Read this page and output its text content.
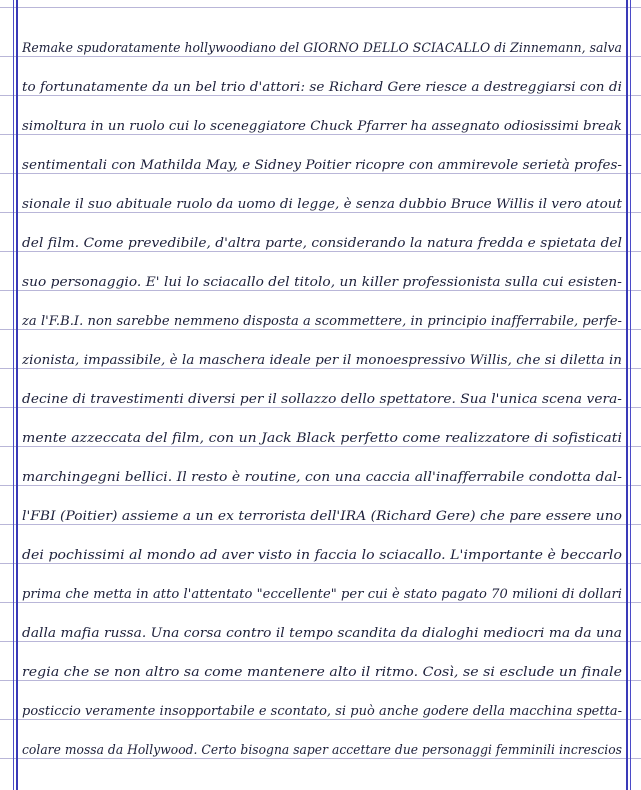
Remake spudoratamente hollywoodiano del GIORNO DELLO SCIACALLO di Zinnemann, salva
to fortunatamente da un bel trio d'attori: se Richard Gere riesce a destreggiarsi con di
simoltura in un ruolo cui lo sceneggiatore Chuck Pfarrer ha assegnato odiosissimi break
sentimentali con Mathilda May, e Sidney Poitier ricopre con ammirevole serietà profes-
sionale il suo abituale ruolo da uomo di legge, è senza dubbio Bruce Willis il vero atout
del film. Come prevedibile, d'altra parte, considerando la natura fredda e spietata del
suo personaggio. E' lui lo sciacallo del titolo, un killer professionista sulla cui esisten-
za l'F.B.I. non sarebbe nemmeno disposta a scommettere, in principio inafferrabile, perfe-
zionista, impassibile, è la maschera ideale per il monoespressivo Willis, che si diletta in
decine di travestimenti diversi per il sollazzo dello spettatore. Sua l'unica scena vera-
mente azzeccata del film, con un Jack Black perfetto come realizzatore di sofisticati
marchingegni bellici. Il resto è routine, con una caccia all'inafferrabile condotta dal-
l'FBI (Poitier) assieme a un ex terrorista dell'IRA (Richard Gere) che pare essere uno
dei pochissimi al mondo ad aver visto in faccia lo sciacallo. L'importante è beccarlo
prima che metta in atto l'attentato "eccellente" per cui è stato pagato 70 milioni di dollari
dalla mafia russa. Una corsa contro il tempo scandita da dialoghi mediocri ma da una
regia che se non altro sa come mantenere alto il ritmo. Così, se si esclude un finale
posticcio veramente insopportabile e scontato, si può anche godere della macchina spetta-
colare mossa da Hollywood. Certo bisogna saper accettare due personaggi femminili increscios
